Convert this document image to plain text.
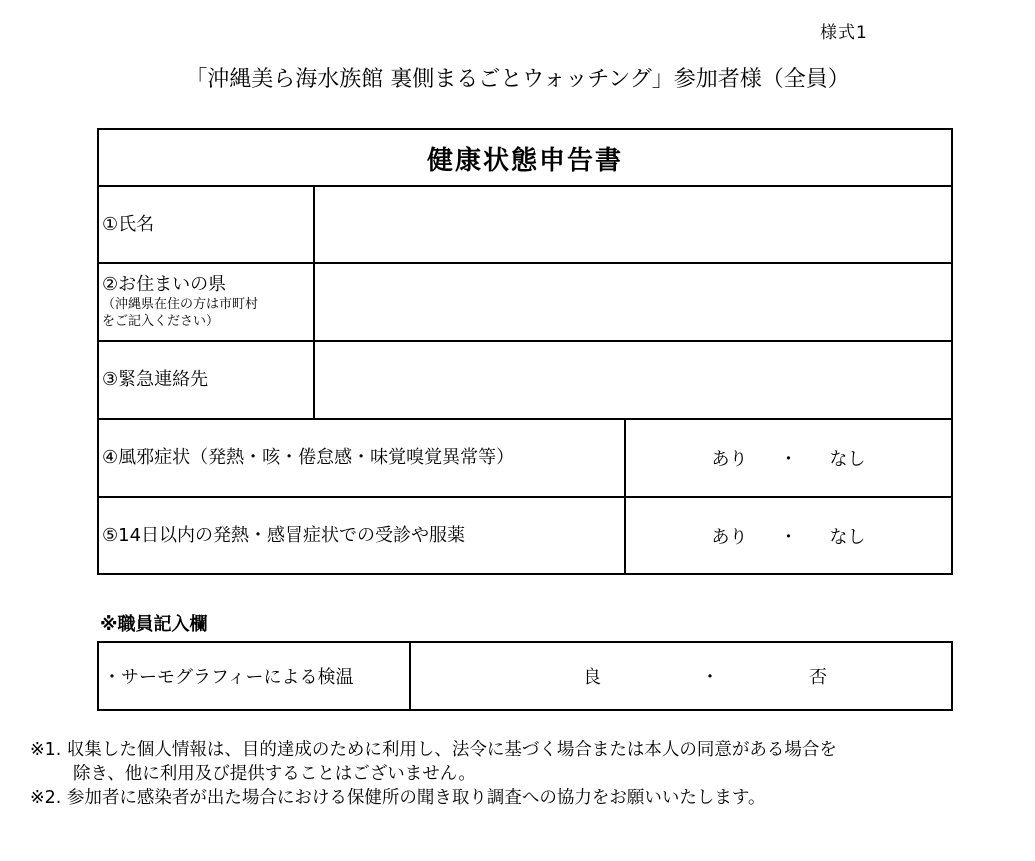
様式1
「沖縄美ら海水族館 裏側まるごとウォッチング」参加者様（全員）
健康状態申告書
①氏名
②お住まいの県
（沖縄県在住の方は市町村
をご記入ください）
③緊急連絡先
④風邪症状（発熱・咳・倦怠感・味覚嗅覚異常等）	あり ・ なし
⑤14日以内の発熱・感冒症状での受診や服薬	あり ・ なし
※職員記入欄
・サーモグラフィーによる検温	良	・	否
※1. 収集した個人情報は、目的達成のために利用し、法令に基づく場合または本人の同意がある場合を
除き、他に利用及び提供することはございません。
※2. 参加者に感染者が出た場合における保健所の聞き取り調査への協力をお願いいたします。
